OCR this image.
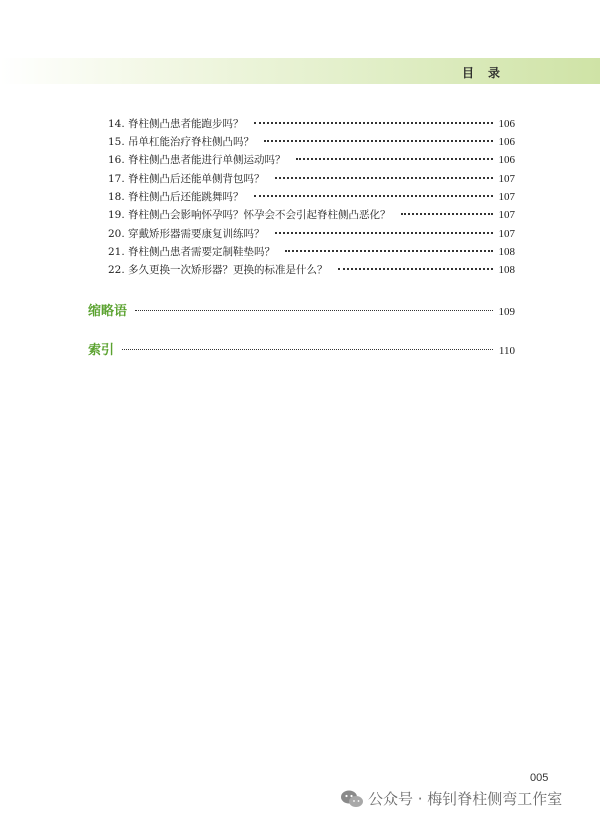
目录
14. 脊柱侧凸患者能跑步吗？	106
15. 吊单杠能治疗脊柱侧凸吗？	106
16. 脊柱侧凸患者能进行单侧运动吗？	106
17. 脊柱侧凸后还能单侧背包吗？	107
18. 脊柱侧凸后还能跳舞吗？	107
19. 脊柱侧凸会影响怀孕吗？怀孕会不会引起脊柱侧凸恶化？	107
20. 穿戴矫形器需要康复训练吗？	107
21. 脊柱侧凸患者需要定制鞋垫吗？	108
22. 多久更换一次矫形器？更换的标准是什么？	108
缩略语	109
索引	110
005
公众号 · 梅钊脊柱侧弯工作室
